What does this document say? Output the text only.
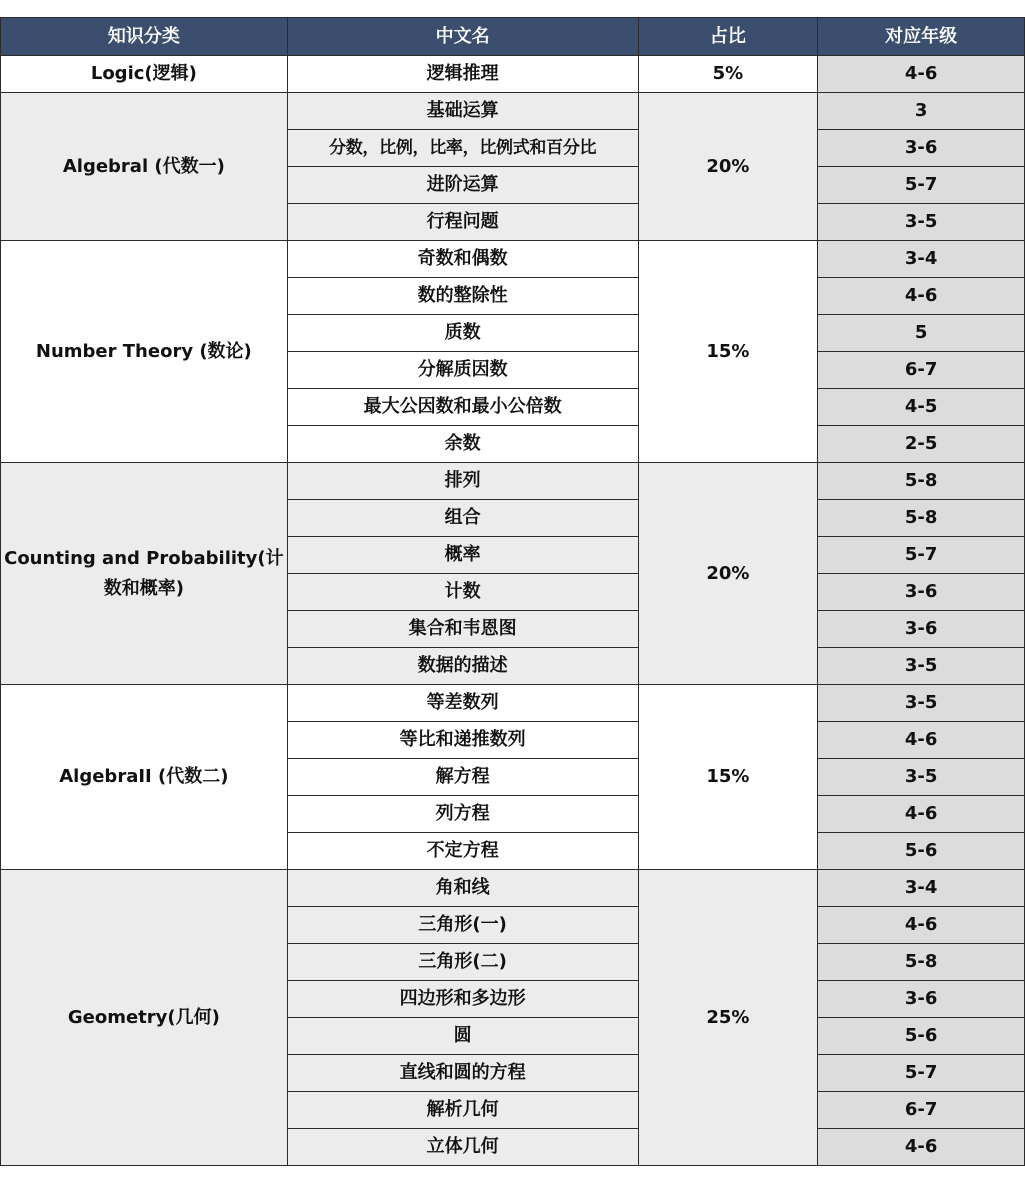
知识分类	中文名	占比	对应年级
Logic(逻辑)	逻辑推理	5%	4-6
Algebral (代数一)	基础运算	20%	3
	分数，比例，比率，比例式和百分比		3-6
	进阶运算		5-7
	行程问题		3-5
Number Theory (数论)	奇数和偶数	15%	3-4
	数的整除性		4-6
	质数		5
	分解质因数		6-7
	最大公因数和最小公倍数		4-5
	余数		2-5
Counting and Probability(计数和概率)	排列	20%	5-8
	组合		5-8
	概率		5-7
	计数		3-6
	集合和韦恩图		3-6
	数据的描述		3-5
AlgebraII (代数二)	等差数列	15%	3-5
	等比和递推数列		4-6
	解方程		3-5
	列方程		4-6
	不定方程		5-6
Geometry(几何)	角和线	25%	3-4
	三角形(一)		4-6
	三角形(二)		5-8
	四边形和多边形		3-6
	圆		5-6
	直线和圆的方程		5-7
	解析几何		6-7
	立体几何		4-6
